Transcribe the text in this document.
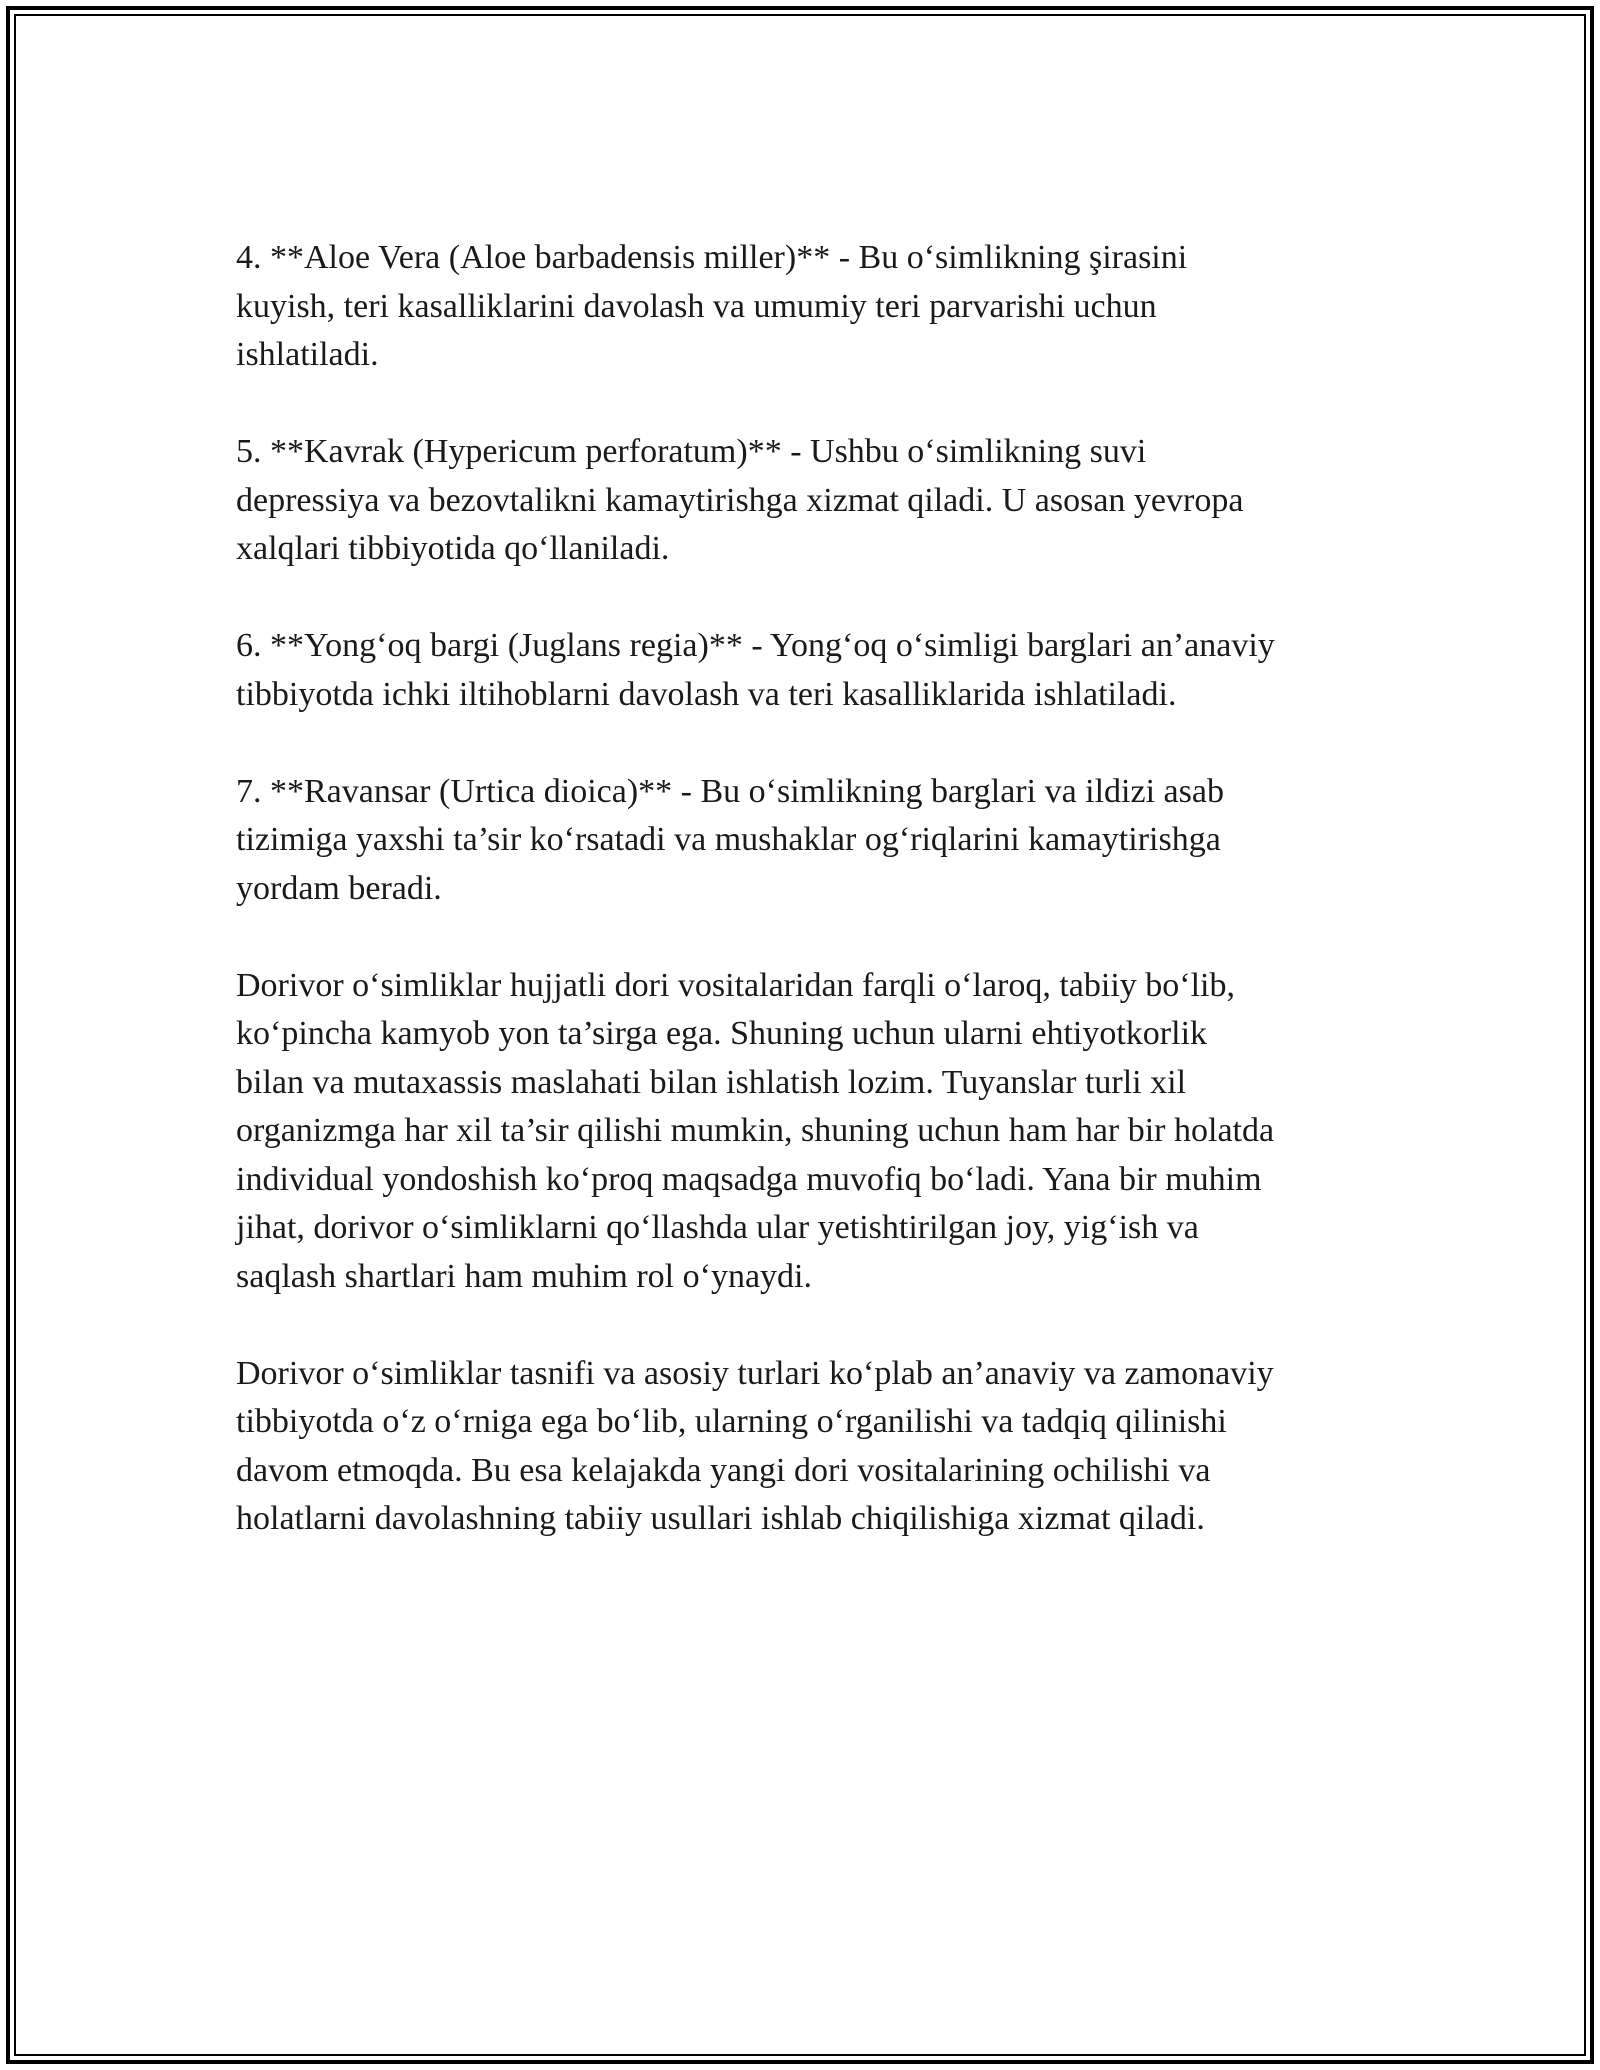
4. **Aloe Vera (Aloe barbadensis miller)** - Bu o‘simlikning şirasini
kuyish, teri kasalliklarini davolash va umumiy teri parvarishi uchun
ishlatiladi.

5. **Kavrak (Hypericum perforatum)** - Ushbu o‘simlikning suvi
depressiya va bezovtalikni kamaytirishga xizmat qiladi. U asosan yevropa
xalqlari tibbiyotida qo‘llaniladi.

6. **Yong‘oq bargi (Juglans regia)** - Yong‘oq o‘simligi barglari an’anaviy
tibbiyotda ichki iltihoblarni davolash va teri kasalliklarida ishlatiladi.

7. **Ravansar (Urtica dioica)** - Bu o‘simlikning barglari va ildizi asab
tizimiga yaxshi ta’sir ko‘rsatadi va mushaklar og‘riqlarini kamaytirishga
yordam beradi.

Dorivor o‘simliklar hujjatli dori vositalaridan farqli o‘laroq, tabiiy bo‘lib,
ko‘pincha kamyob yon ta’sirga ega. Shuning uchun ularni ehtiyotkorlik
bilan va mutaxassis maslahati bilan ishlatish lozim. Tuyanslar turli xil
organizmga har xil ta’sir qilishi mumkin, shuning uchun ham har bir holatda
individual yondoshish ko‘proq maqsadga muvofiq bo‘ladi. Yana bir muhim
jihat, dorivor o‘simliklarni qo‘llashda ular yetishtirilgan joy, yig‘ish va
saqlash shartlari ham muhim rol o‘ynaydi.

Dorivor o‘simliklar tasnifi va asosiy turlari ko‘plab an’anaviy va zamonaviy
tibbiyotda o‘z o‘rniga ega bo‘lib, ularning o‘rganilishi va tadqiq qilinishi
davom etmoqda. Bu esa kelajakda yangi dori vositalarining ochilishi va
holatlarni davolashning tabiiy usullari ishlab chiqilishiga xizmat qiladi.
